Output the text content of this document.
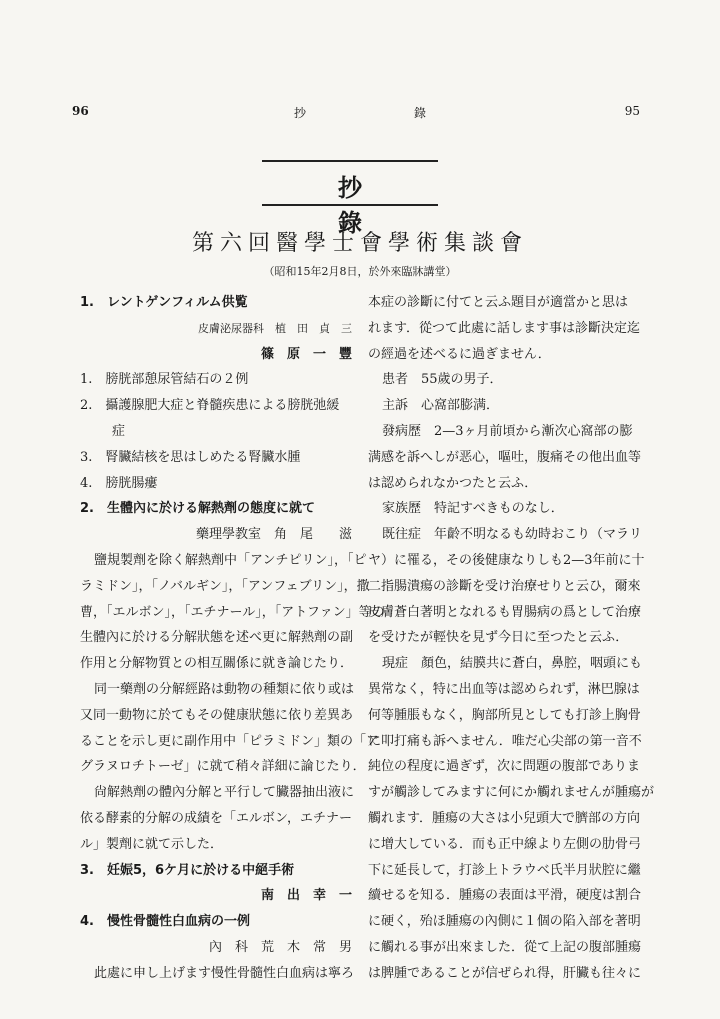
96	抄　　　　　　　　　錄	95
抄錄
第六回醫學士會學術集談會
（昭和15年2月8日，於外來臨牀講堂）
1.　レントゲンフィルム供覧
皮膚泌尿器科　植　田　貞　三
篠　原　一　豐
1.　膀胱部憩尿管結石の２例
2.　攝護腺肥大症と脊髓疾患による膀胱弛緩
症
3.　腎臟結核を思はしめたる腎臟水腫
4.　膀胱腸瘻
2.　生體內に於ける解熱劑の態度に就て
藥理學教室　角　尾　　滋
鹽規製劑を除く解熱劑中「アンチピリン」，「ピ
ラミドン」，「ノバルギン」，「アンフェブリン」，撒
曹，「エルボン」，「エチナール」，「アトファン」等の
生體內に於ける分解狀態を述べ更に解熱劑の副
作用と分解物質との相互關係に就き論じたり．
同一藥劑の分解經路は動物の種類に依り或は
又同一動物に於てもその健康狀態に依り差異あ
ることを示し更に副作用中「ピラミドン」類の「ア
グラヌロチトーゼ」に就て稍々詳細に論じたり．
尙解熱劑の體內分解と平行して臟器抽出液に
依る酵素的分解の成績を「エルボン，エチナー
ル」製劑に就て示した．
3.　妊娠5，6ケ月に於ける中絕手術
南　出　幸　一
4.　慢性骨髓性白血病の一例
內　科　荒　木　常　男
此處に申し上げます慢性骨髓性白血病は寧ろ
本症の診斷に付てと云ふ題目が適當かと思は
れます．從つて此處に話します事は診斷決定迄
の經過を述べるに過ぎません．
患者　55歲の男子．
主訴　心窩部膨满．
發病歷　2—3ヶ月前頃から漸次心窩部の膨
满感を訴へしが恶心，嘔吐，腹痛その他出血等
は認められなかつたと云ふ．
家族歷　特記すべきものなし．
既往症　年齡不明なるも幼時おこり（マラリ
ヤ）に罹る，その後健康なりしも2—3年前に十
二指腸潰瘍の診斷を受け治療せりと云ひ，爾來
皮膚蒼白著明となれるも胃腸病の爲として治療
を受けたが輕快を見ず今日に至つたと云ふ．
現症　顏色，結膜共に蒼白，鼻腔，咽頭にも
異常なく，特に出血等は認められず，淋巴腺は
何等腫脹もなく，胸部所見としても打診上胸骨
に叩打痛も訴へません．唯だ心尖部の第一音不
純位の程度に過ぎず，次に問題の腹部でありま
すが觸診してみますに何にか觸れませんが腫瘍が
觸れます．腫瘍の大さは小兒頭大で臍部の方向
に增大している．而も正中線より左側の肋骨弓
下に延長して，打診上トラウベ氏半月狀腔に繼
續せるを知る．腫瘍の表面は平滑，硬度は割合
に硬く，殆ほ腫瘍の內側に１個の陷入部を著明
に觸れる事が出來ました．從て上記の腹部腫瘍
は脾腫であることが信ぜられ得，肝臟も往々に
